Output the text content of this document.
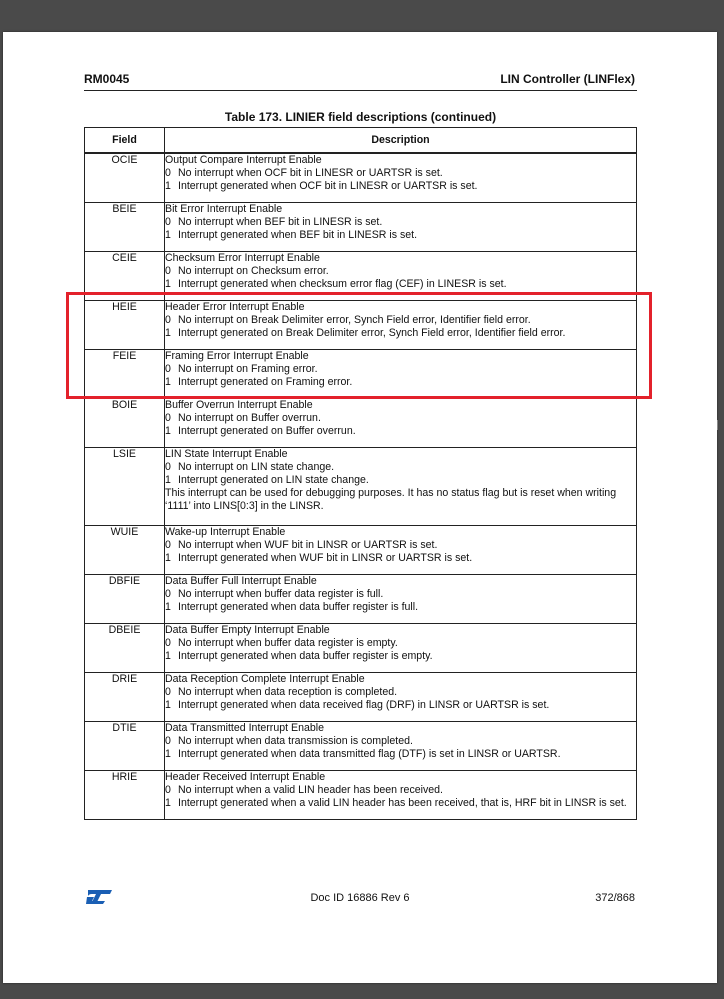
RM0045	LIN Controller (LINFlex)
Table 173. LINIER field descriptions (continued)
Field	Description
OCIE	Output Compare Interrupt Enable
0 No interrupt when OCF bit in LINESR or UARTSR is set.
1 Interrupt generated when OCF bit in LINESR or UARTSR is set.

BEIE	Bit Error Interrupt Enable
0 No interrupt when BEF bit in LINESR is set.
1 Interrupt generated when BEF bit in LINESR is set.

CEIE	Checksum Error Interrupt Enable
0 No interrupt on Checksum error.
1 Interrupt generated when checksum error flag (CEF) in LINESR is set.

HEIE	Header Error Interrupt Enable
0 No interrupt on Break Delimiter error, Synch Field error, Identifier field error.
1 Interrupt generated on Break Delimiter error, Synch Field error, Identifier field error.

FEIE	Framing Error Interrupt Enable
0 No interrupt on Framing error.
1 Interrupt generated on Framing error.

BOIE	Buffer Overrun Interrupt Enable
0 No interrupt on Buffer overrun.
1 Interrupt generated on Buffer overrun.

LSIE	LIN State Interrupt Enable
0 No interrupt on LIN state change.
1 Interrupt generated on LIN state change.
This interrupt can be used for debugging purposes. It has no status flag but is reset when writing ‘1111’ into LINS[0:3] in the LINSR.

WUIE	Wake-up Interrupt Enable
0 No interrupt when WUF bit in LINSR or UARTSR is set.
1 Interrupt generated when WUF bit in LINSR or UARTSR is set.

DBFIE	Data Buffer Full Interrupt Enable
0 No interrupt when buffer data register is full.
1 Interrupt generated when data buffer register is full.

DBEIE	Data Buffer Empty Interrupt Enable
0 No interrupt when buffer data register is empty.
1 Interrupt generated when data buffer register is empty.

DRIE	Data Reception Complete Interrupt Enable
0 No interrupt when data reception is completed.
1 Interrupt generated when data received flag (DRF) in LINSR or UARTSR is set.

DTIE	Data Transmitted Interrupt Enable
0 No interrupt when data transmission is completed.
1 Interrupt generated when data transmitted flag (DTF) is set in LINSR or UARTSR.

HRIE	Header Received Interrupt Enable
0 No interrupt when a valid LIN header has been received.
1 Interrupt generated when a valid LIN header has been received, that is, HRF bit in LINSR is set.
Doc ID 16886 Rev 6	372/868
